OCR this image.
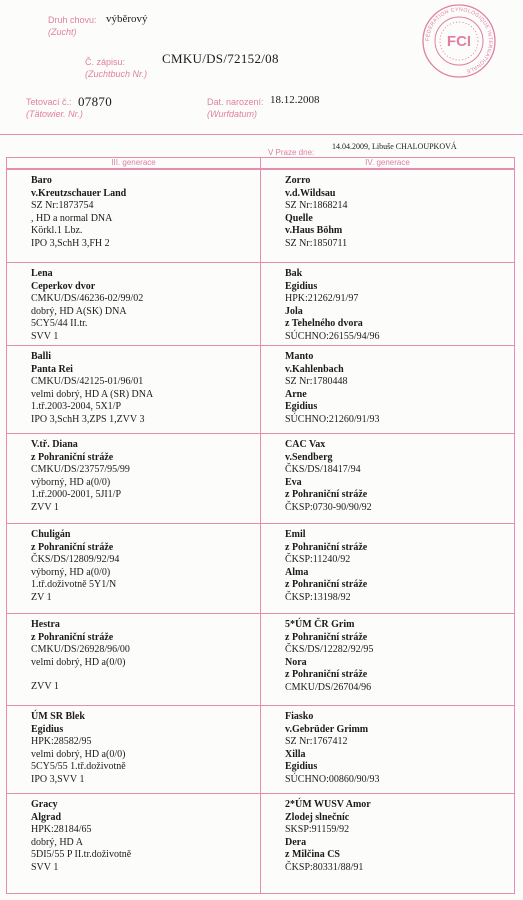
Druh chovu:
(Zucht)
výběrový
Č. zápisu:
(Zuchtbuch Nr.)
CMKU/DS/72152/08
FÉDÉRATION CYNOLOGIQUE INTERNATIONALE
FCI
Tetovací č.:
(Tätowier. Nr.)
07870	Dat. narození:
(Wurfdatum)
18.12.2008
V Praze dne:
14.04.2009, Libuše CHALOUPKOVÁ
III. generace	IV. generace
Baro
v.Kreutzschauer Land
SZ Nr:1873754
, HD a normal DNA
Körkl.1 Lbz.
IPO 3,SchH 3,FH 2
Zorro
v.d.Wildsau
SZ Nr:1868214
Quelle
v.Haus Böhm
SZ Nr:1850711
Lena
Ceperkov dvor
CMKU/DS/46236-02/99/02
dobrý, HD A(SK) DNA
5CY5/44 II.tr.
SVV 1
Bak
Egidius
HPK:21262/91/97
Jola
z Tehelného dvora
SÚCHNO:26155/94/96
Balli
Panta Rei
CMKU/DS/42125-01/96/01
velmi dobrý, HD A (SR) DNA
1.tř.2003-2004, 5X1/P
IPO 3,SchH 3,ZPS 1,ZVV 3
Manto
v.Kahlenbach
SZ Nr:1780448
Arne
Egidius
SÚCHNO:21260/91/93
V.tř. Diana
z Pohraniční stráže
CMKU/DS/23757/95/99
výborný, HD a(0/0)
1.tř.2000-2001, 5JI1/P
ZVV 1
CAC Vax
v.Sendberg
ČKS/DS/18417/94
Eva
z Pohraniční stráže
ČKSP:0730-90/90/92
Chuligán
z Pohraniční stráže
ČKS/DS/12809/92/94
výborný, HD a(0/0)
1.tř.doživotně 5Y1/N
ZV 1
Emil
z Pohraniční stráže
ČKSP:11240/92
Alma
z Pohraniční stráže
ČKSP:13198/92
Hestra
z Pohraniční stráže
CMKU/DS/26928/96/00
velmi dobrý, HD a(0/0)
ZVV 1
5*ÚM ČR Grim
z Pohraniční stráže
ČKS/DS/12282/92/95
Nora
z Pohraniční stráže
CMKU/DS/26704/96
ÚM SR Blek
Egidius
HPK:28582/95
velmi dobrý, HD a(0/0)
5CY5/55 1.tř.doživotně
IPO 3,SVV 1
Fiasko
v.Gebrüder Grimm
SZ Nr:1767412
Xilla
Egidius
SÚCHNO:00860/90/93
Gracy
Algrad
HPK:28184/65
dobrý, HD A
5DI5/55 P II.tr.doživotně
SVV 1
2*ÚM WUSV Amor
Zlodej slnečníc
SKSP:91159/92
Dera
z Milčina CS
ČKSP:80331/88/91
